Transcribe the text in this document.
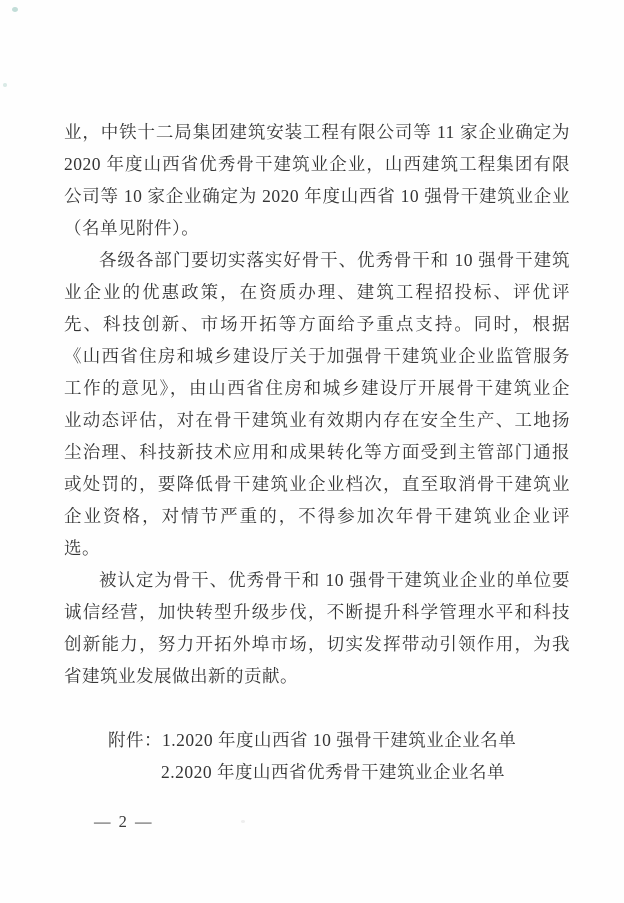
业，中铁十二局集团建筑安装工程有限公司等 11 家企业确定为
2020 年度山西省优秀骨干建筑业企业，山西建筑工程集团有限
公司等 10 家企业确定为 2020 年度山西省 10 强骨干建筑业企业
（名单见附件）。
各级各部门要切实落实好骨干、优秀骨干和 10 强骨干建筑
业企业的优惠政策，在资质办理、建筑工程招投标、评优评
先、科技创新、市场开拓等方面给予重点支持。同时，根据
《山西省住房和城乡建设厅关于加强骨干建筑业企业监管服务
工作的意见》，由山西省住房和城乡建设厅开展骨干建筑业企
业动态评估，对在骨干建筑业有效期内存在安全生产、工地扬
尘治理、科技新技术应用和成果转化等方面受到主管部门通报
或处罚的，要降低骨干建筑业企业档次，直至取消骨干建筑业
企业资格，对情节严重的，不得参加次年骨干建筑业企业评
选。
被认定为骨干、优秀骨干和 10 强骨干建筑业企业的单位要
诚信经营，加快转型升级步伐，不断提升科学管理水平和科技
创新能力，努力开拓外埠市场，切实发挥带动引领作用，为我
省建筑业发展做出新的贡献。
附件：1.2020 年度山西省 10 强骨干建筑业企业名单
2.2020 年度山西省优秀骨干建筑业企业名单
— 2 —
